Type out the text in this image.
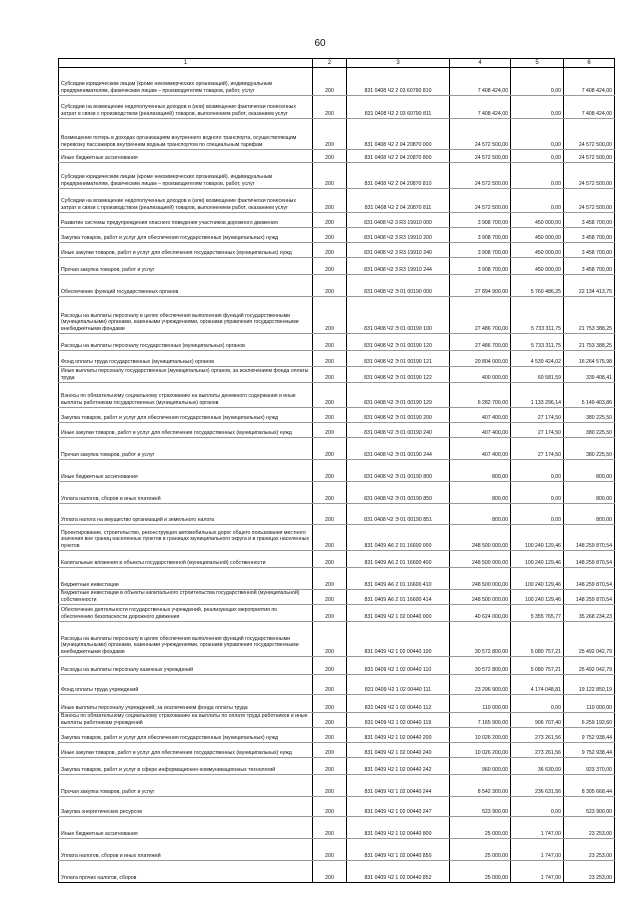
60
1	2	3	4	5	6
Субсидии юридическим лицам (кроме некоммерческих организаций), индивидуальным предпринимателям, физическим лицам – производителям товаров, работ, услуг	200	831 0408 Ч2 2 03 60790 810	7 408 424,00	0,00	7 408 424,00
Субсидии на возмещение недополученных доходов и (или) возмещение фактически понесенных затрат в связи с производством (реализацией) товаров, выполнением работ, оказанием услуг	200	831 0408 Ч2 2 03 60790 811	7 408 424,00	0,00	7 408 424,00
Возмещение потерь в доходах организациям внутреннего водного транспорта, осуществляющим перевозку пассажиров внутренним водным транспортом по специальным тарифам	200	831 0408 Ч2 2 04 20870 000	24 572 500,00	0,00	24 572 500,00
Иные бюджетные ассигнования	200	831 0408 Ч2 2 04 20870 800	24 572 500,00	0,00	24 572 500,00
Субсидии юридическим лицам (кроме некоммерческих организаций), индивидуальным предпринимателям, физическим лицам – производителям товаров, работ, услуг	200	831 0408 Ч2 2 04 20870 810	24 572 500,00	0,00	24 572 500,00
Субсидии на возмещение недополученных доходов и (или) возмещение фактически понесенных затрат в связи с производством (реализацией) товаров, выполнением работ, оказанием услуг	200	831 0408 Ч2 2 04 20870 811	24 572 500,00	0,00	24 572 500,00
Развитие системы предупреждения опасного поведения участников дорожного движения	200	831 0408 Ч2 3 R3 19910 000	3 908 700,00	450 000,00	3 458 700,00
Закупка товаров, работ и услуг для обеспечения государственных (муниципальных) нужд	200	831 0408 Ч2 3 R3 19910 200	3 908 700,00	450 000,00	3 458 700,00
Иные закупки товаров, работ и услуг для обеспечения государственных (муниципальных) нужд	200	831 0408 Ч2 3 R3 19910 240	3 908 700,00	450 000,00	3 458 700,00
Прочая закупка товаров, работ и услуг	200	831 0408 Ч2 3 R3 19910 244	3 908 700,00	450 000,00	3 458 700,00
Обеспечение функций государственных органов	200	831 0408 Ч2 Э 01 00190 000	27 894 900,00	5 760 486,25	22 134 413,75
Расходы на выплаты персоналу в целях обеспечения выполнения функций государственными (муниципальными) органами, казенными учреждениями, органами управления государственными внебюджетными фондами	200	831 0408 Ч2 Э 01 00190 100	27 486 700,00	5 733 311,75	21 753 388,25
Расходы на выплаты персоналу государственных (муниципальных) органов	200	831 0408 Ч2 Э 01 00190 120	27 486 700,00	5 733 311,75	21 753 388,25
Фонд оплаты труда государственных (муниципальных) органов	200	831 0408 Ч2 Э 01 00190 121	20 804 000,00	4 539 424,02	16 264 575,98
Иные выплаты персоналу государственных (муниципальных) органов, за исключением фонда оплаты труда	200	831 0408 Ч2 Э 01 00190 122	400 000,00	60 581,59	339 408,41
Взносы по обязательному социальному страхованию на выплаты денежного содержания и иные выплаты работникам государственных (муниципальных) органов	200	831 0408 Ч2 Э 01 00190 129	6 282 700,00	1 133 296,14	5 149 403,86
Закупка товаров, работ и услуг для обеспечения государственных (муниципальных) нужд	200	831 0408 Ч2 Э 01 00190 200	407 400,00	27 174,50	380 225,50
Иные закупки товаров, работ и услуг для обеспечения государственных (муниципальных) нужд	200	831 0408 Ч2 Э 01 00190 240	407 400,00	27 174,50	380 225,50
Прочая закупка товаров, работ и услуг	200	831 0408 Ч2 Э 01 00190 244	407 400,00	27 174,50	380 225,50
Иные бюджетные ассигнования	200	831 0408 Ч2 Э 01 00190 800	800,00	0,00	800,00
Уплата налогов, сборов и иных платежей	200	831 0408 Ч2 Э 01 00190 850	800,00	0,00	800,00
Уплата налога на имущество организаций и земельного налога	200	831 0408 Ч2 Э 01 00190 851	800,00	0,00	800,00
Проектирование, строительство, реконструкция автомобильных дорог общего пользования местного значения вне границ населенных пунктов в границах муниципального округа и в границах населенных пунктов	200	831 0409 А6 2 01 16600 000	248 500 000,00	100 240 129,46	148 259 870,54
Капитальные вложения в объекты государственной (муниципальной) собственности	200	831 0409 А6 2 01 16600 400	248 500 000,00	100 240 129,46	148 259 870,54
Бюджетные инвестиции	200	831 0409 А6 2 01 16600 410	248 500 000,00	100 240 129,46	148 259 870,54
Бюджетные инвестиции в объекты капитального строительства государственной (муниципальной) собственности	200	831 0409 А6 2 01 16600 414	248 500 000,00	100 240 129,46	148 259 870,54
Обеспечение деятельности государственных учреждений, реализующих мероприятия по обеспечению безопасности дорожного движения	200	831 0409 Ч2 1 02 00440 000	40 624 000,00	5 355 765,77	35 268 234,23
Расходы на выплаты персоналу в целях обеспечения выполнения функций государственными (муниципальными) органами, казенными учреждениями, органами управления государственными внебюджетными фондами	200	831 0409 Ч2 1 02 00440 100	30 572 800,00	5 080 757,21	25 492 042,79
Расходы на выплаты персоналу казенных учреждений	200	831 0409 Ч2 1 02 00440 110	30 572 800,00	5 080 757,21	25 492 042,79
Фонд оплаты труда учреждений	200	831 0409 Ч2 1 02 00440 111	23 296 900,00	4 174 048,81	19 122 850,19
Иные выплаты персоналу учреждений, за исключением фонда оплаты труда	200	831 0409 Ч2 1 02 00440 112	110 000,00	0,00	110 000,00
Взносы по обязательному социальному страхованию на выплаты по оплате труда работников и иные выплаты работникам учреждений	200	831 0409 Ч2 1 02 00440 119	7 165 900,00	906 707,40	6 259 192,60
Закупка товаров, работ и услуг для обеспечения государственных (муниципальных) нужд	200	831 0409 Ч2 1 02 00440 200	10 026 200,00	273 261,56	9 752 938,44
Иные закупки товаров, работ и услуг для обеспечения государственных (муниципальных) нужд	200	831 0409 Ч2 1 02 00440 240	10 026 200,00	273 261,56	9 752 938,44
Закупка товаров, работ и услуг в сфере информационно-коммуникационных технологий	200	831 0409 Ч2 1 02 00440 242	960 000,00	36 630,00	923 370,00
Прочая закупка товаров, работ и услуг	200	831 0409 Ч2 1 02 00440 244	8 542 300,00	236 631,56	8 305 668,44
Закупка энергетических ресурсов	200	831 0409 Ч2 1 02 00440 247	523 900,00	0,00	523 900,00
Иные бюджетные ассигнования	200	831 0409 Ч2 1 02 00440 800	25 000,00	1 747,00	23 253,00
Уплата налогов, сборов и иных платежей	200	831 0409 Ч2 1 02 00440 850	25 000,00	1 747,00	23 253,00
Уплата прочих налогов, сборов	200	831 0409 Ч2 1 02 00440 852	25 000,00	1 747,00	23 253,00
